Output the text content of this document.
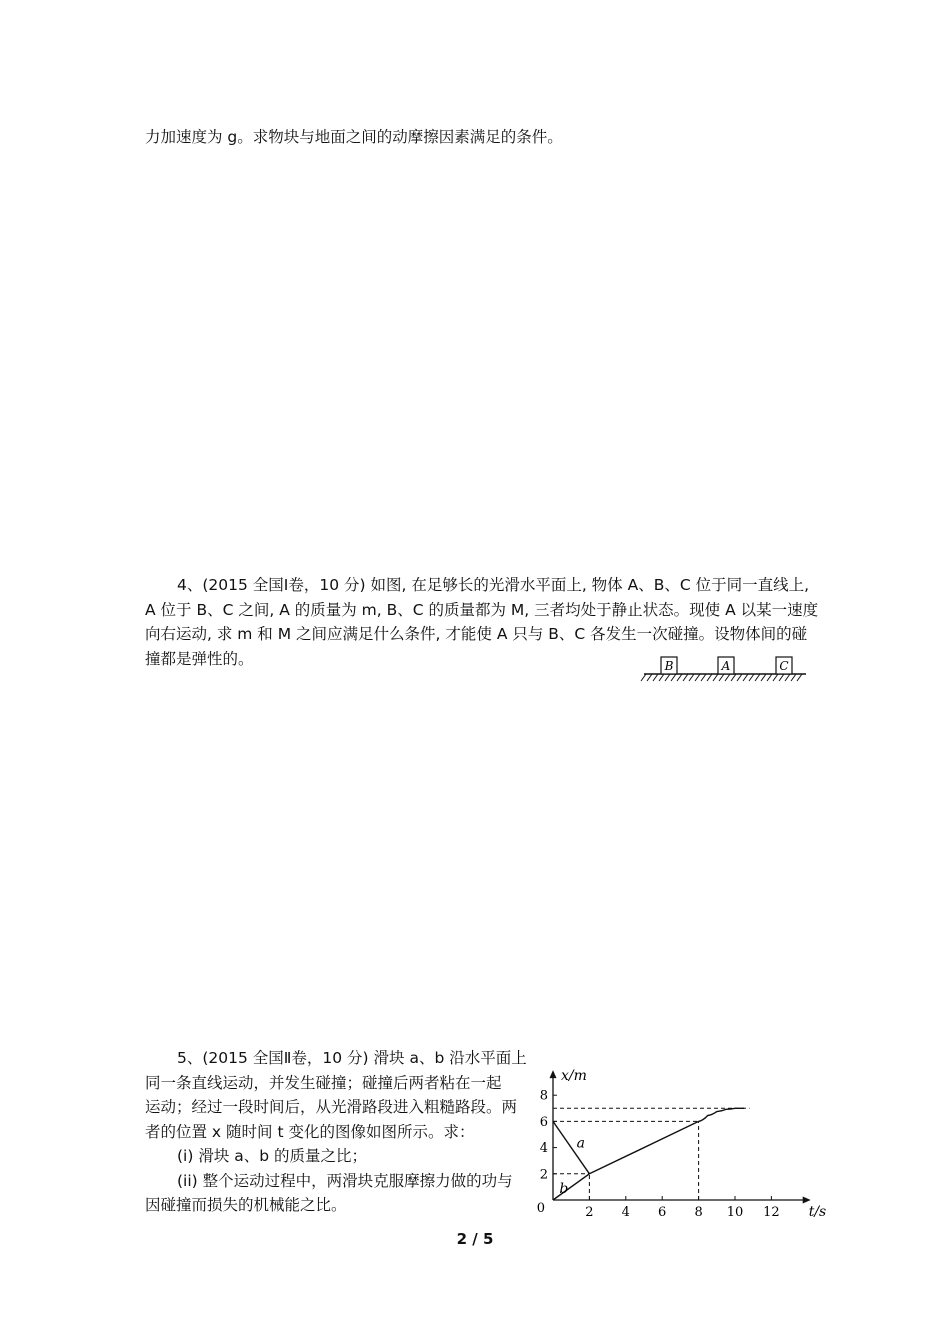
力加速度为 g。求物块与地面之间的动摩擦因素满足的条件。
4、(2015 全国Ⅰ卷，10 分) 如图, 在足够长的光滑水平面上, 物体 A、B、C 位于同一直线上,
A 位于 B、C 之间, A 的质量为 m, B、C 的质量都为 M, 三者均处于静止状态。现使 A 以某一速度
向右运动, 求 m 和 M 之间应满足什么条件, 才能使 A 只与 B、C 各发生一次碰撞。设物体间的碰
撞都是弹性的。	B	A	C
5、(2015 全国Ⅱ卷，10 分) 滑块 a、b 沿水平面上
同一条直线运动，并发生碰撞；碰撞后两者粘在一起
运动；经过一段时间后，从光滑路段进入粗糙路段。两
者的位置 x 随时间 t 变化的图像如图所示。求：
(i) 滑块 a、b 的质量之比；
(ii) 整个运动过程中，两滑块克服摩擦力做的功与
因碰撞而损失的机械能之比。	2 4 6 8 10 12
2
4
6
8
x/m
t/s
0
a
b
2 / 5
